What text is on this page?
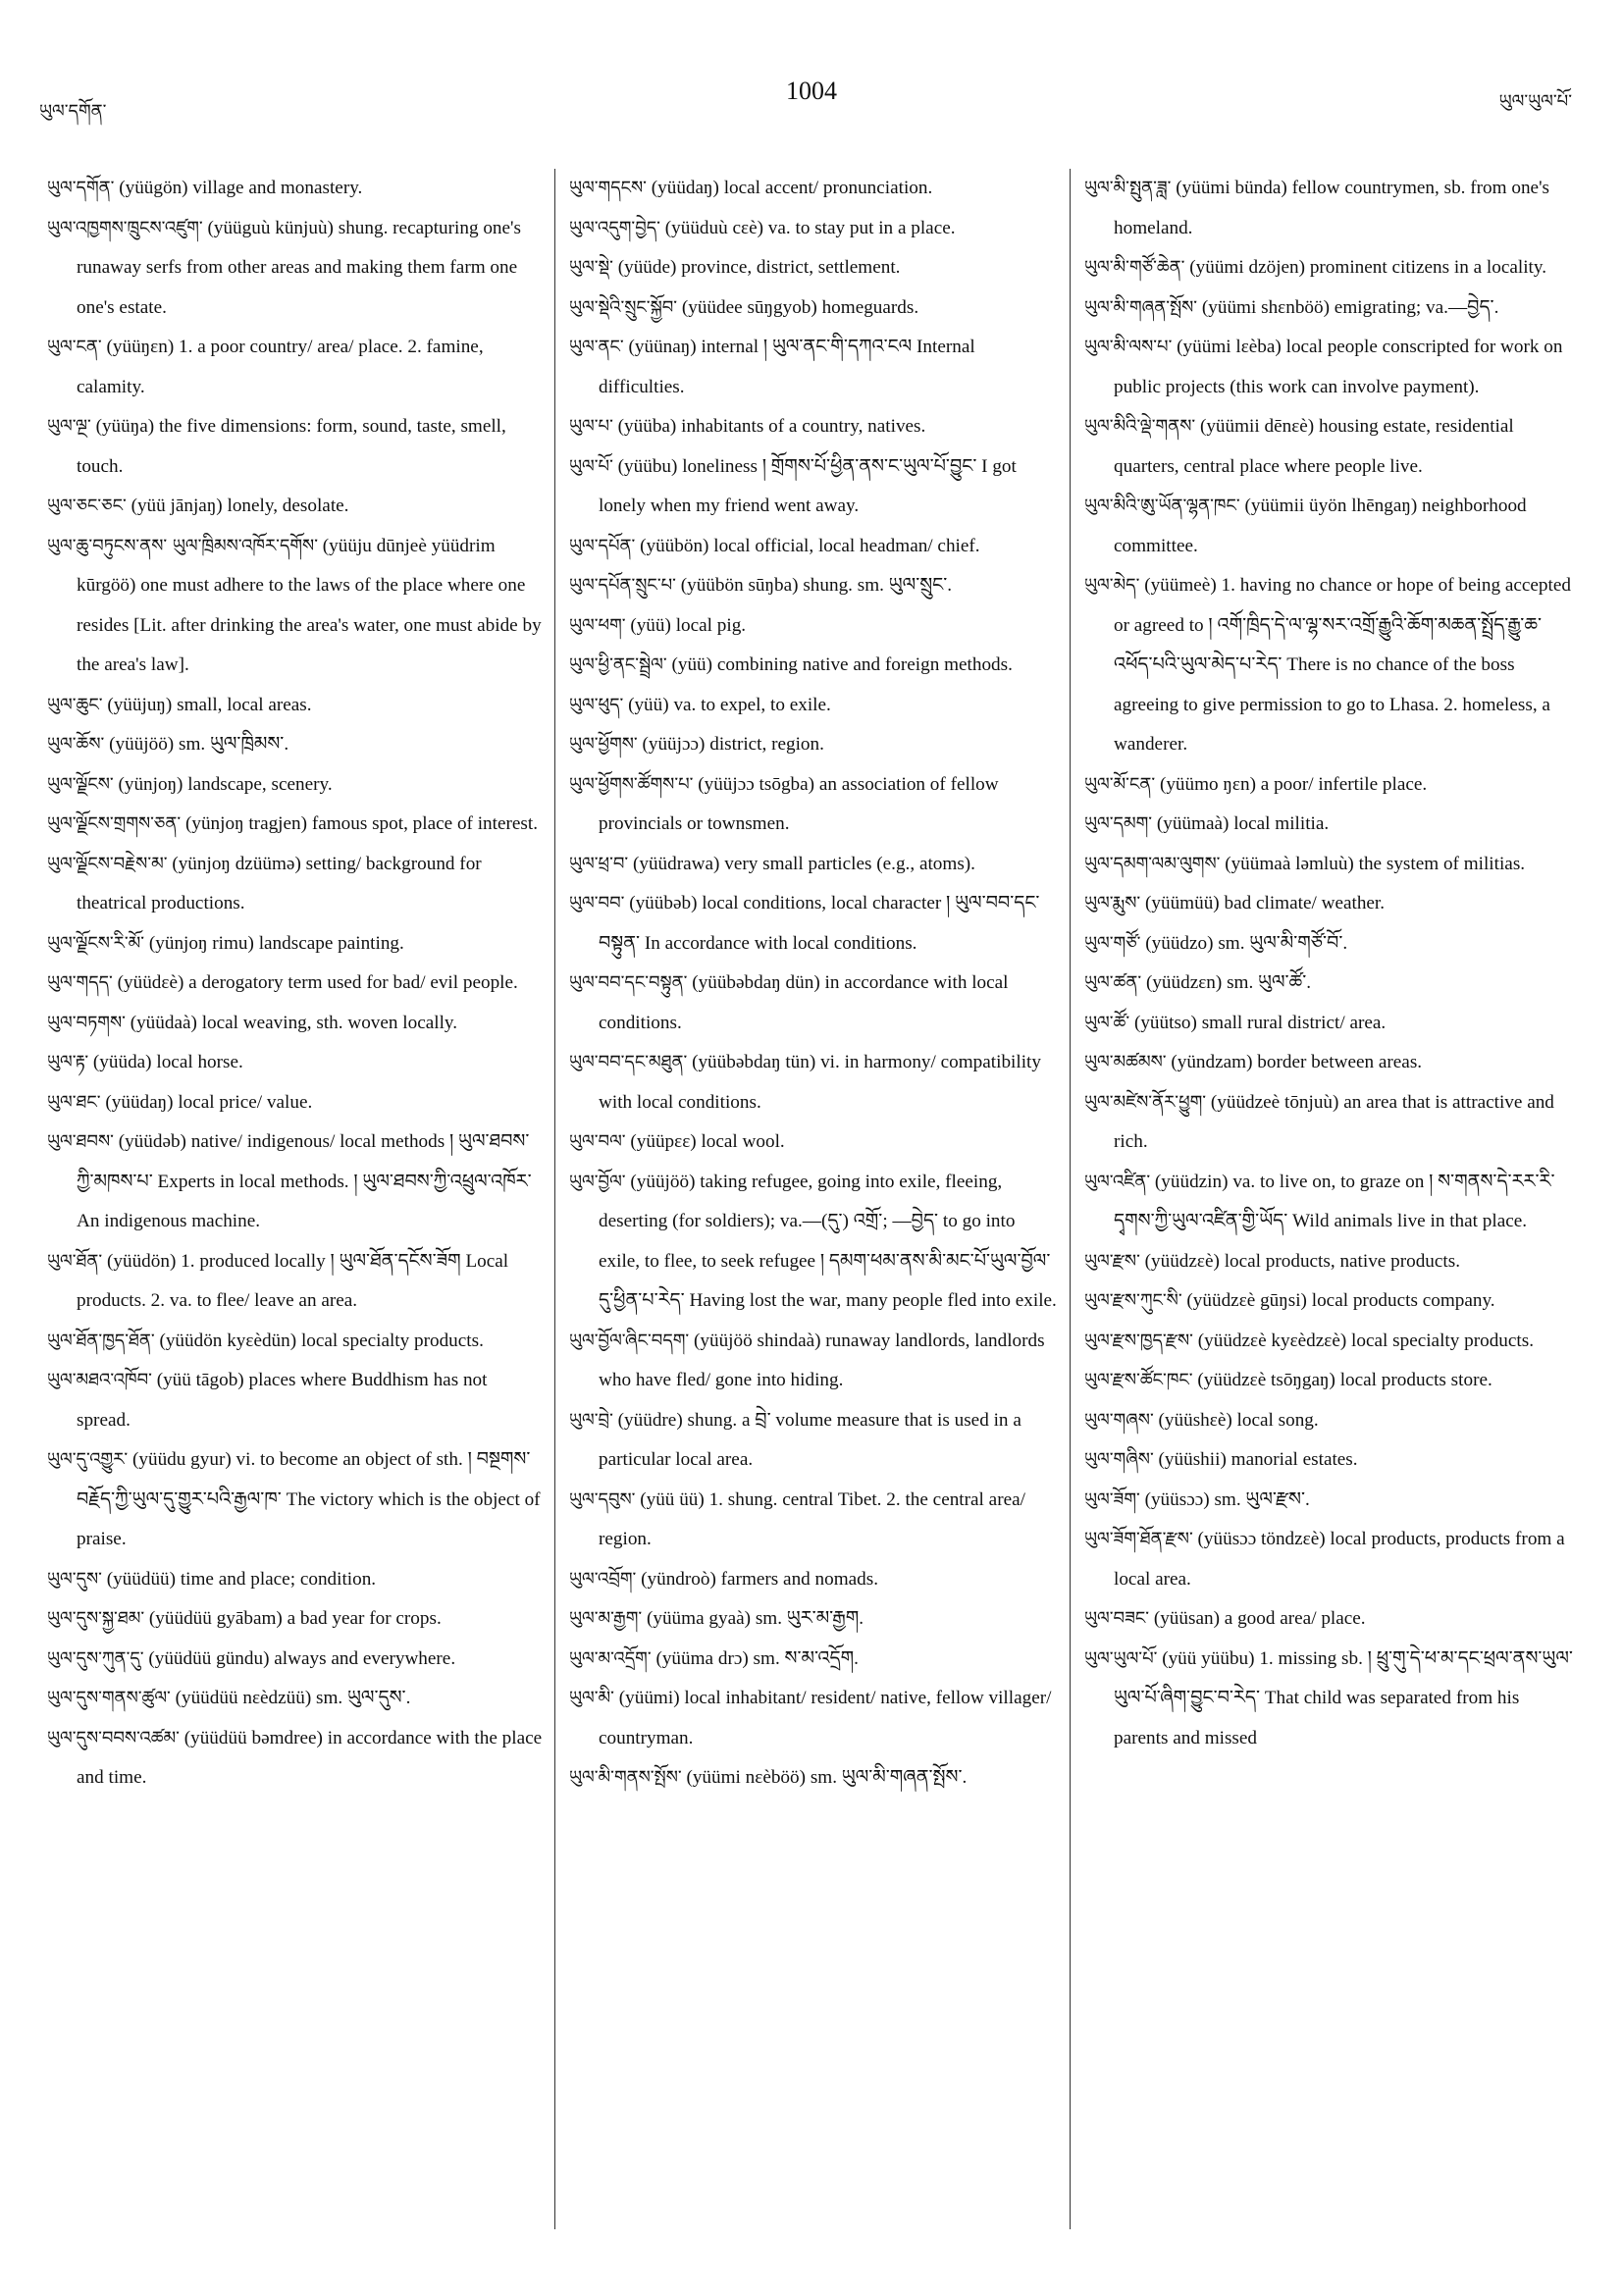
ཡུལ་དགོན་
1004	ཡུལ་ཡུལ་པོ་

ཡུལ་དགོན་ (yüügön) village and monastery.

ཡུལ་འཁྱགས་ཁྲུངས་འཛུག་ (yüüguù künjuù) shung. recapturing one's runaway serfs from other areas and making them farm one one's estate.

ཡུལ་ངན་ (yüüŋɛn) 1. a poor country/ area/ place. 2. famine, calamity.

ཡུལ་ལྔ་ (yüüŋa) the five dimensions: form, sound, taste, smell, touch.

ཡུལ་ཅང་ཅང་ (yüü jānjaŋ) lonely, desolate.

ཡུལ་ཆུ་བཏུངས་ནས་ ཡུལ་ཁྲིམས་འཁོར་དགོས་ (yüüju dūnjeè yüüdrim kūrgöö) one must adhere to the laws of the place where one resides [Lit. after drinking the area's water, one must abide by the area's law].

ཡུལ་ཆུང་ (yüüjuŋ) small, local areas.

ཡུལ་ཆོས་ (yüüjöö) sm. ཡུལ་ཁྲིམས་.

ཡུལ་ལྗོངས་ (yünjoŋ) landscape, scenery.

ཡུལ་ལྗོངས་གྲགས་ཅན་ (yünjoŋ tragjen) famous spot, place of interest.

ཡུལ་ལྗོངས་བརྗེས་མ་ (yünjoŋ dzüümə) setting/ background for theatrical productions.

ཡུལ་ལྗོངས་རི་མོ་ (yünjoŋ rimu) landscape painting.

ཡུལ་གདད་ (yüüdɛè) a derogatory term used for bad/ evil people.

ཡུལ་བཏགས་ (yüüdaà) local weaving, sth. woven locally.

ཡུལ་རྟ་ (yüüda) local horse.

ཡུལ་ཐང་ (yüüdaŋ) local price/ value.

ཡུལ་ཐབས་ (yüüdəb) native/ indigenous/ local methods ། ཡུལ་ཐབས་ཀྱི་མཁས་པ་ Experts in local methods. ། ཡུལ་ཐབས་ཀྱི་འཕྲུལ་འཁོར་ An indigenous machine.

ཡུལ་ཐོན་ (yüüdön) 1. produced locally ། ཡུལ་ཐོན་དངོས་ཟོག Local products. 2. va. to flee/ leave an area.

ཡུལ་ཐོན་ཁྱད་ཐོན་ (yüüdön kyɛèdün) local specialty products.

ཡུལ་མཐའ་འཁོབ་ (yüü tāgob) places where Buddhism has not spread.

ཡུལ་དུ་འགྱུར་ (yüüdu gyur) vi. to become an object of sth. ། བསྔགས་བརྗོད་ཀྱི་ཡུལ་དུ་གྱུར་པའི་རྒྱལ་ཁ་ The victory which is the object of praise.

ཡུལ་དུས་ (yüüdüü) time and place; condition.

ཡུལ་དུས་སྐྱ་ཐམ་ (yüüdüü gyābam) a bad year for crops.

ཡུལ་དུས་ཀུན་དུ་ (yüüdüü gündu) always and everywhere.

ཡུལ་དུས་གནས་ཚུལ་ (yüüdüü nɛèdzüü) sm. ཡུལ་དུས་.

ཡུལ་དུས་བབས་འཚམ་ (yüüdüü bəmdree) in accordance with the place and time.

ཡུལ་གདངས་ (yüüdaŋ) local accent/ pronunciation.

ཡུལ་འདུག་བྱེད་ (yüüduù cɛè) va. to stay put in a place.

ཡུལ་སྡེ་ (yüüde) province, district, settlement.

ཡུལ་སྡེའི་སྲུང་སྐྱོབ་ (yüüdee sūŋgyob) homeguards.

ཡུལ་ནང་ (yüünaŋ) internal ། ཡུལ་ནང་གི་དཀའ་ངལ Internal difficulties.

ཡུལ་པ་ (yüüba) inhabitants of a country, natives.

ཡུལ་པོ་ (yüübu) loneliness ། གྲོགས་པོ་ཕྱིན་ནས་ང་ཡུལ་པོ་བྱུང་ I got lonely when my friend went away.

ཡུལ་དཔོན་ (yüübön) local official, local headman/ chief.

ཡུལ་དཔོན་སྲུང་པ་ (yüübön sūŋba) shung. sm. ཡུལ་སྲུང་.

ཡུལ་ཕག་ (yüü) local pig.

ཡུལ་ཕྱི་ནང་སྦྲེལ་ (yüü) combining native and foreign methods.

ཡུལ་ཕུད་ (yüü) va. to expel, to exile.

ཡུལ་ཕྱོགས་ (yüüjɔɔ) district, region.

ཡུལ་ཕྱོགས་ཚོགས་པ་ (yüüjɔɔ tsōgba) an association of fellow provincials or townsmen.

ཡུལ་ཕྲ་བ་ (yüüdrawa) very small particles (e.g., atoms).

ཡུལ་བབ་ (yüübəb) local conditions, local character ། ཡུལ་བབ་དང་བསྟུན་ In accordance with local conditions.

ཡུལ་བབ་དང་བསྟུན་ (yüübəbdaŋ dün) in accordance with local conditions.

ཡུལ་བབ་དང་མཐུན་ (yüübəbdaŋ tün) vi. in harmony/ compatibility with local conditions.

ཡུལ་བལ་ (yüüpɛɛ) local wool.

ཡུལ་བྱོལ་ (yüüjöö) taking refugee, going into exile, fleeing, deserting (for soldiers); va.—(དུ་) འགྲོ་; —བྱེད་ to go into exile, to flee, to seek refugee ། དམག་ཕམ་ནས་མི་མང་པོ་ཡུལ་བྱོལ་དུ་ཕྱིན་པ་རེད་ Having lost the war, many people fled into exile.

ཡུལ་བྱོལ་ཞིང་བདག་ (yüüjöö shindaà) runaway landlords, landlords who have fled/ gone into hiding.

ཡུལ་བྲེ་ (yüüdre) shung. a བྲེ་ volume measure that is used in a particular local area.

ཡུལ་དབུས་ (yüü üü) 1. shung. central Tibet. 2. the central area/ region.

ཡུལ་འབྲོག་ (yündroò) farmers and nomads.

ཡུལ་མ་རྒྱག་ (yüüma gyaà) sm. ཡུར་མ་རྒྱག.

ཡུལ་མ་འདྲོག་ (yüüma drɔ) sm. ས་མ་འདྲོག.

ཡུལ་མི་ (yüümi) local inhabitant/ resident/ native, fellow villager/ countryman.

ཡུལ་མི་གནས་སྤོས་ (yüümi nɛèböö) sm. ཡུལ་མི་གཞན་སྤོས་.

ཡུལ་མི་སྤུན་ཟླ་ (yüümi bünda) fellow countrymen, sb. from one's homeland.

ཡུལ་མི་གཙོ་ཆེན་ (yüümi dzöjen) prominent citizens in a locality.

ཡུལ་མི་གཞན་སྤོས་ (yüümi shɛnböö) emigrating; va.—བྱེད་.

ཡུལ་མི་ལས་པ་ (yüümi lɛèba) local people conscripted for work on public projects (this work can involve payment).

ཡུལ་མིའི་ལྡེ་གནས་ (yüümii dēnɛè) housing estate, residential quarters, central place where people live.

ཡུལ་མིའི་ཨུ་ཡོན་ལྷན་ཁང་ (yüümii üyön lhēngaŋ) neighborhood committee.

ཡུལ་མེད་ (yüümeè) 1. having no chance or hope of being accepted or agreed to ། འགོ་ཁྲིད་དེ་ལ་ལྷ་སར་འགྲོ་རྒྱུའི་ཆོག་མཆན་སྤྲོད་རྒྱུ་ཆ་འཕོད་པའི་ཡུལ་མེད་པ་རེད་ There is no chance of the boss agreeing to give permission to go to Lhasa. 2. homeless, a wanderer.

ཡུལ་མོ་ངན་ (yüümo ŋɛn) a poor/ infertile place.

ཡུལ་དམག་ (yüümaà) local militia.

ཡུལ་དམག་ལམ་ལུགས་ (yüümaà ləmluù) the system of militias.

ཡུལ་རྨུས་ (yüümüü) bad climate/ weather.

ཡུལ་གཙོ་ (yüüdzo) sm. ཡུལ་མི་གཙོ་བོ་.

ཡུལ་ཚན་ (yüüdzɛn) sm. ཡུལ་ཚོ་.

ཡུལ་ཚོ་ (yüütso) small rural district/ area.

ཡུལ་མཚམས་ (yündzam) border between areas.

ཡུལ་མཛེས་ནོར་ཕྱུག་ (yüüdzeè tōnjuù) an area that is attractive and rich.

ཡུལ་འཛིན་ (yüüdzin) va. to live on, to graze on ། ས་གནས་དེ་རར་རི་དྭགས་ཀྱི་ཡུལ་འཛིན་གྱི་ཡོད་ Wild animals live in that place.

ཡུལ་རྫས་ (yüüdzɛè) local products, native products.

ཡུལ་རྫས་ཀུང་སི་ (yüüdzɛè gūŋsi) local products company.

ཡུལ་རྫས་ཁྱད་རྫས་ (yüüdzɛè kyɛèdzɛè) local specialty products.

ཡུལ་རྫས་ཚོང་ཁང་ (yüüdzɛè tsōŋgaŋ) local products store.

ཡུལ་གཞས་ (yüüshɛè) local song.

ཡུལ་གཞིས་ (yüüshii) manorial estates.

ཡུལ་ཟོག་ (yüüsɔɔ) sm. ཡུལ་རྫས་.

ཡུལ་ཟོག་ཐོན་རྫས་ (yüüsɔɔ töndzɛè) local products, products from a local area.

ཡུལ་བཟང་ (yüüsan) a good area/ place.

ཡུལ་ཡུལ་པོ་ (yüü yüübu) 1. missing sb. ། ཕྲུ་གུ་དེ་ཕ་མ་དང་ཕྲལ་ནས་ཡུལ་ཡུལ་པོ་ཞིག་བྱུང་བ་རེད་ That child was separated from his parents and missed
